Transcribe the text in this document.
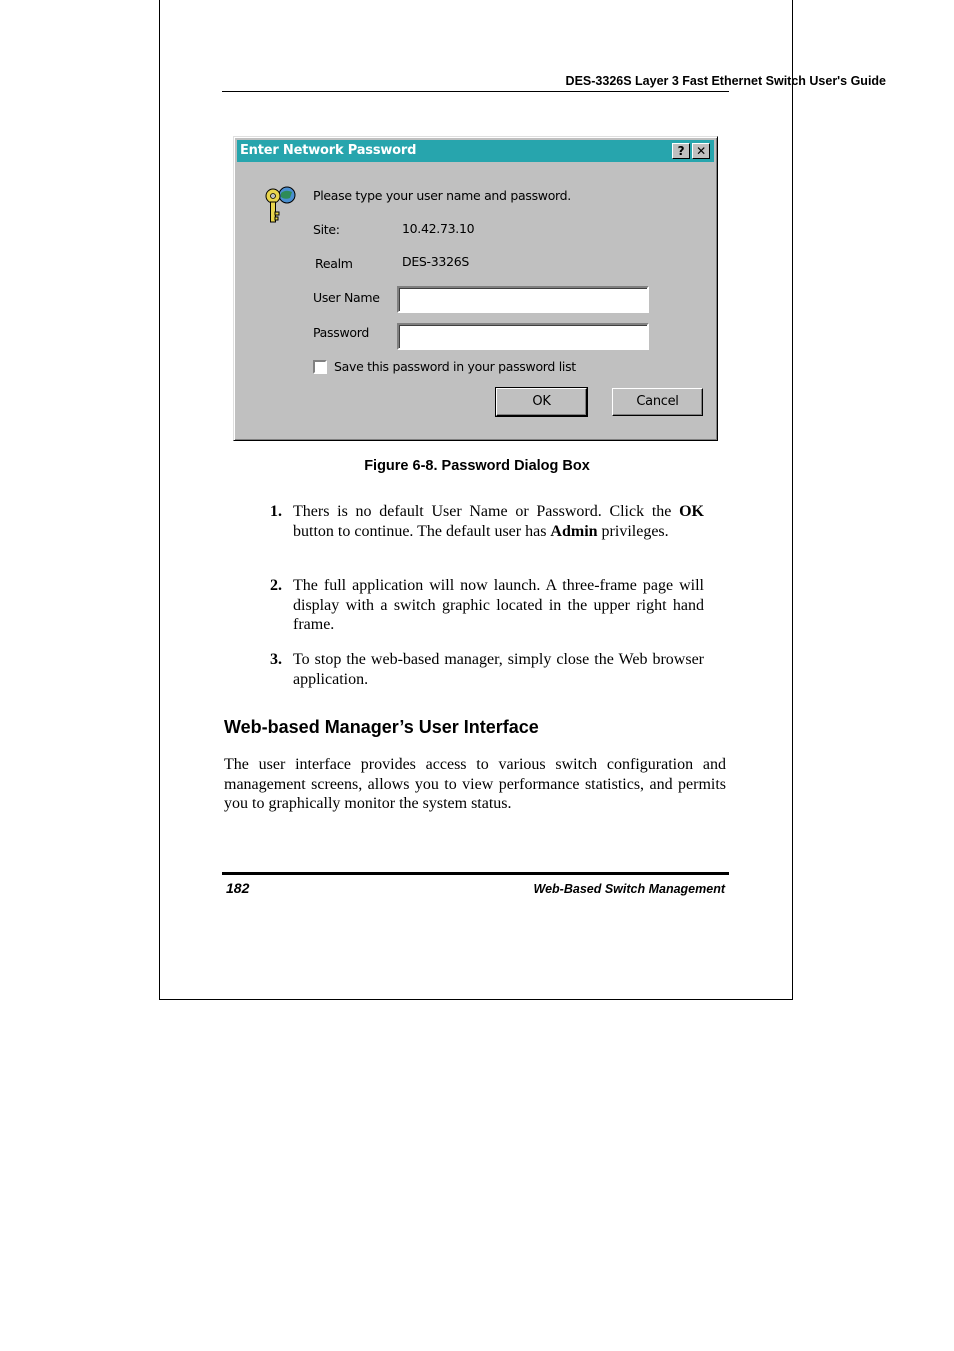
DES-3326S Layer 3 Fast Ethernet Switch User's Guide
Enter Network Password	? ✕
Please type your user name and password.
Site:	10.42.73.10
Realm	DES-3326S
User Name
Password
Save this password in your password list
OK	Cancel
Figure 6-8. Password Dialog Box
1. Thers is no default User Name or Password. Click the OK button to continue. The default user has Admin privileges.
2. The full application will now launch. A three-frame page will display with a switch graphic located in the upper right hand frame.
3. To stop the web-based manager, simply close the Web browser application.
Web-based Manager’s User Interface
The user interface provides access to various switch configuration and management screens, allows you to view performance statistics, and permits you to graphically monitor the system status.
182	Web-Based Switch Management
